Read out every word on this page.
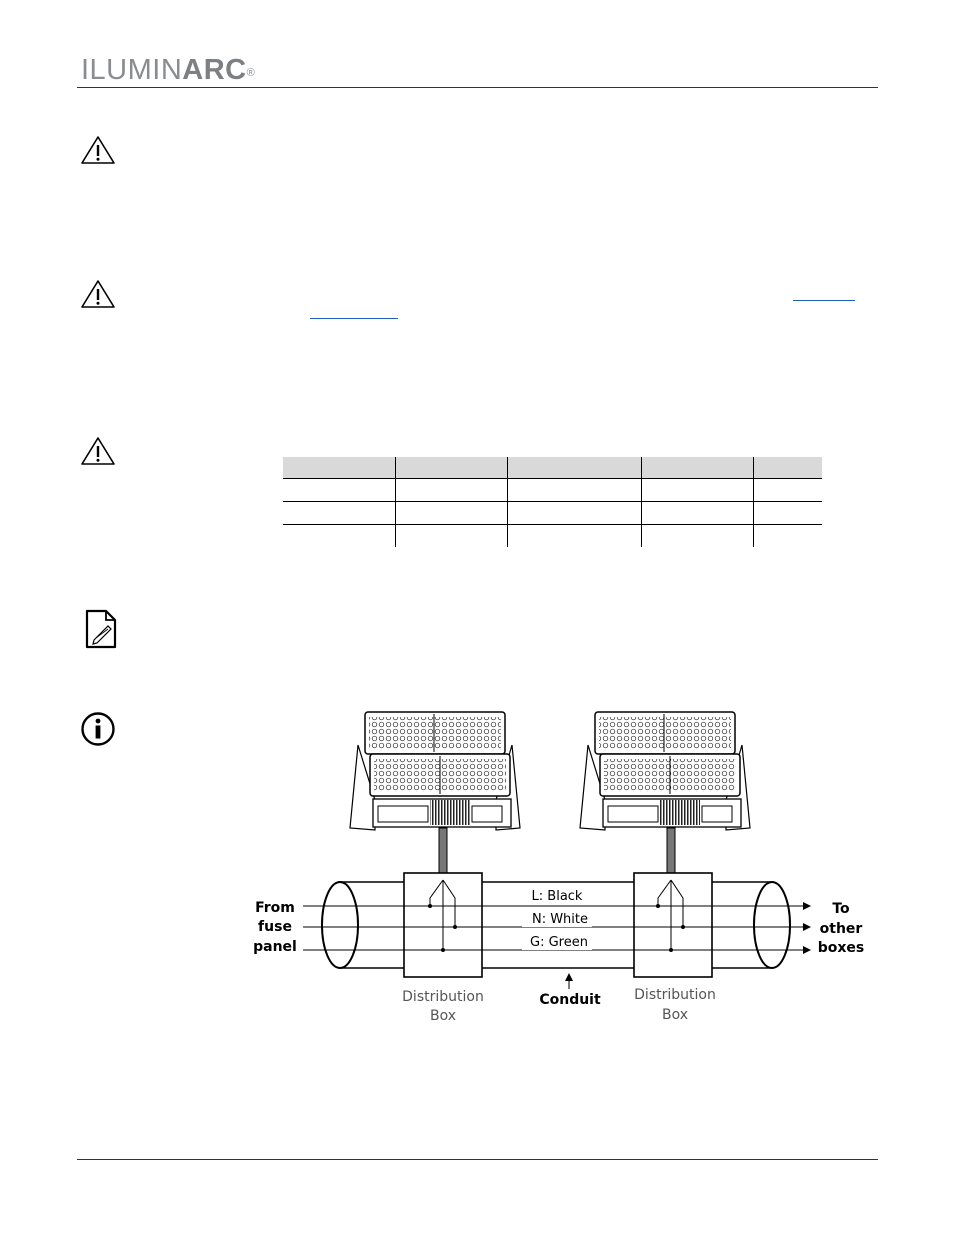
ILUMINARC®

L: Black
N: White
G: Green
From
fuse
panel
To
other
boxes
Conduit
Distribution
Box
Distribution
Box
